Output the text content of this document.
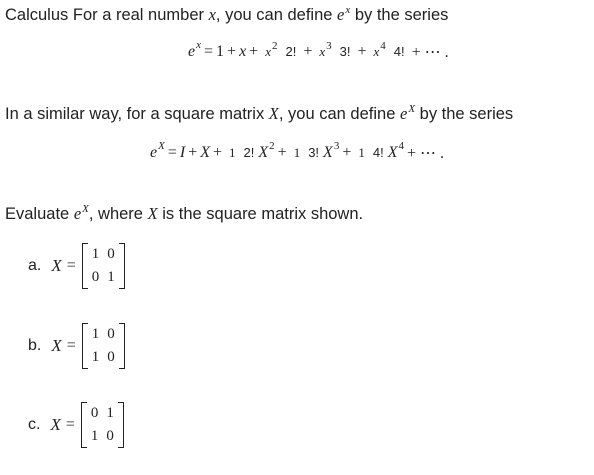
Calculus For a real number x, you can define $e^x$ by the series
e $x = 1 + x + x^2$ 2! + $x^3$ 3! + $x^4$ 4! + ⋯ .
In a similar way, for a square matrix X, you can define $e^X$ by the series
e X = I + X + 1 2! X 2 + 1 3! X 3 + 1 4! X 4 + ⋯ .
Evaluate $e^X$, where X is the square matrix shown.
a. X =
1	0
0	1
b. X =
1	0
1	0
c. X =
0	1
1	0
